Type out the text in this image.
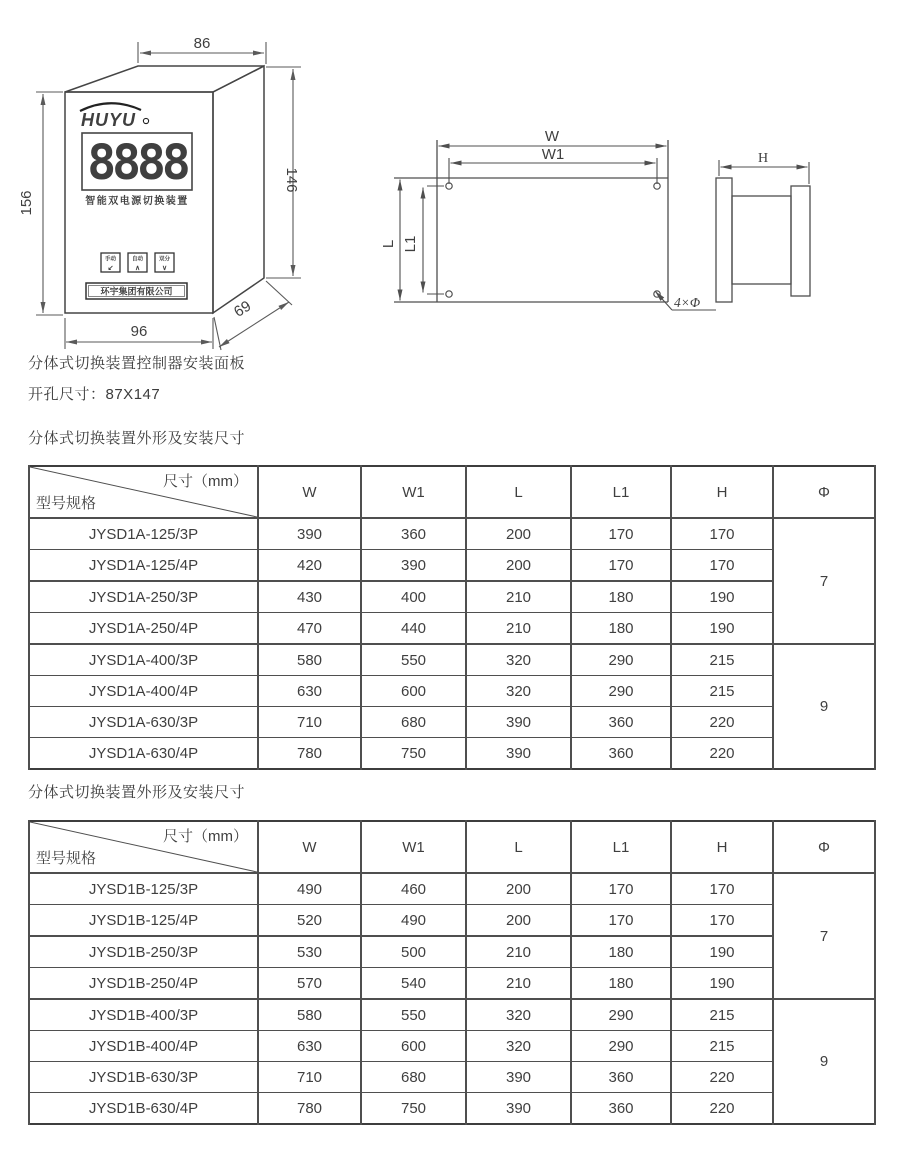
86
156
146
96
69
HUYU
8888
智能双电源切换装置
手动
↙
自动
∧
双分
∨
环宇集团有限公司
W
W1
L L1
4×Φ
H
分体式切换装置控制器安装面板
开孔尺寸：87X147
分体式切换装置外形及安装尺寸
分体式切换装置外形及安装尺寸
尺寸（mm）
型号规格	W	W1	L	L1	H	Φ
JYSD1A-125/3P	390	360	200	170	170	7
JYSD1A-125/4P	420	390	200	170	170	
JYSD1A-250/3P	430	400	210	180	190	
JYSD1A-250/4P	470	440	210	180	190	
JYSD1A-400/3P	580	550	320	290	215	9
JYSD1A-400/4P	630	600	320	290	215	
JYSD1A-630/3P	710	680	390	360	220	
JYSD1A-630/4P	780	750	390	360	220	
尺寸（mm）
型号规格	W	W1	L	L1	H	Φ
JYSD1B-125/3P	490	460	200	170	170	7
JYSD1B-125/4P	520	490	200	170	170	
JYSD1B-250/3P	530	500	210	180	190	
JYSD1B-250/4P	570	540	210	180	190	
JYSD1B-400/3P	580	550	320	290	215	9
JYSD1B-400/4P	630	600	320	290	215	
JYSD1B-630/3P	710	680	390	360	220	
JYSD1B-630/4P	780	750	390	360	220	
